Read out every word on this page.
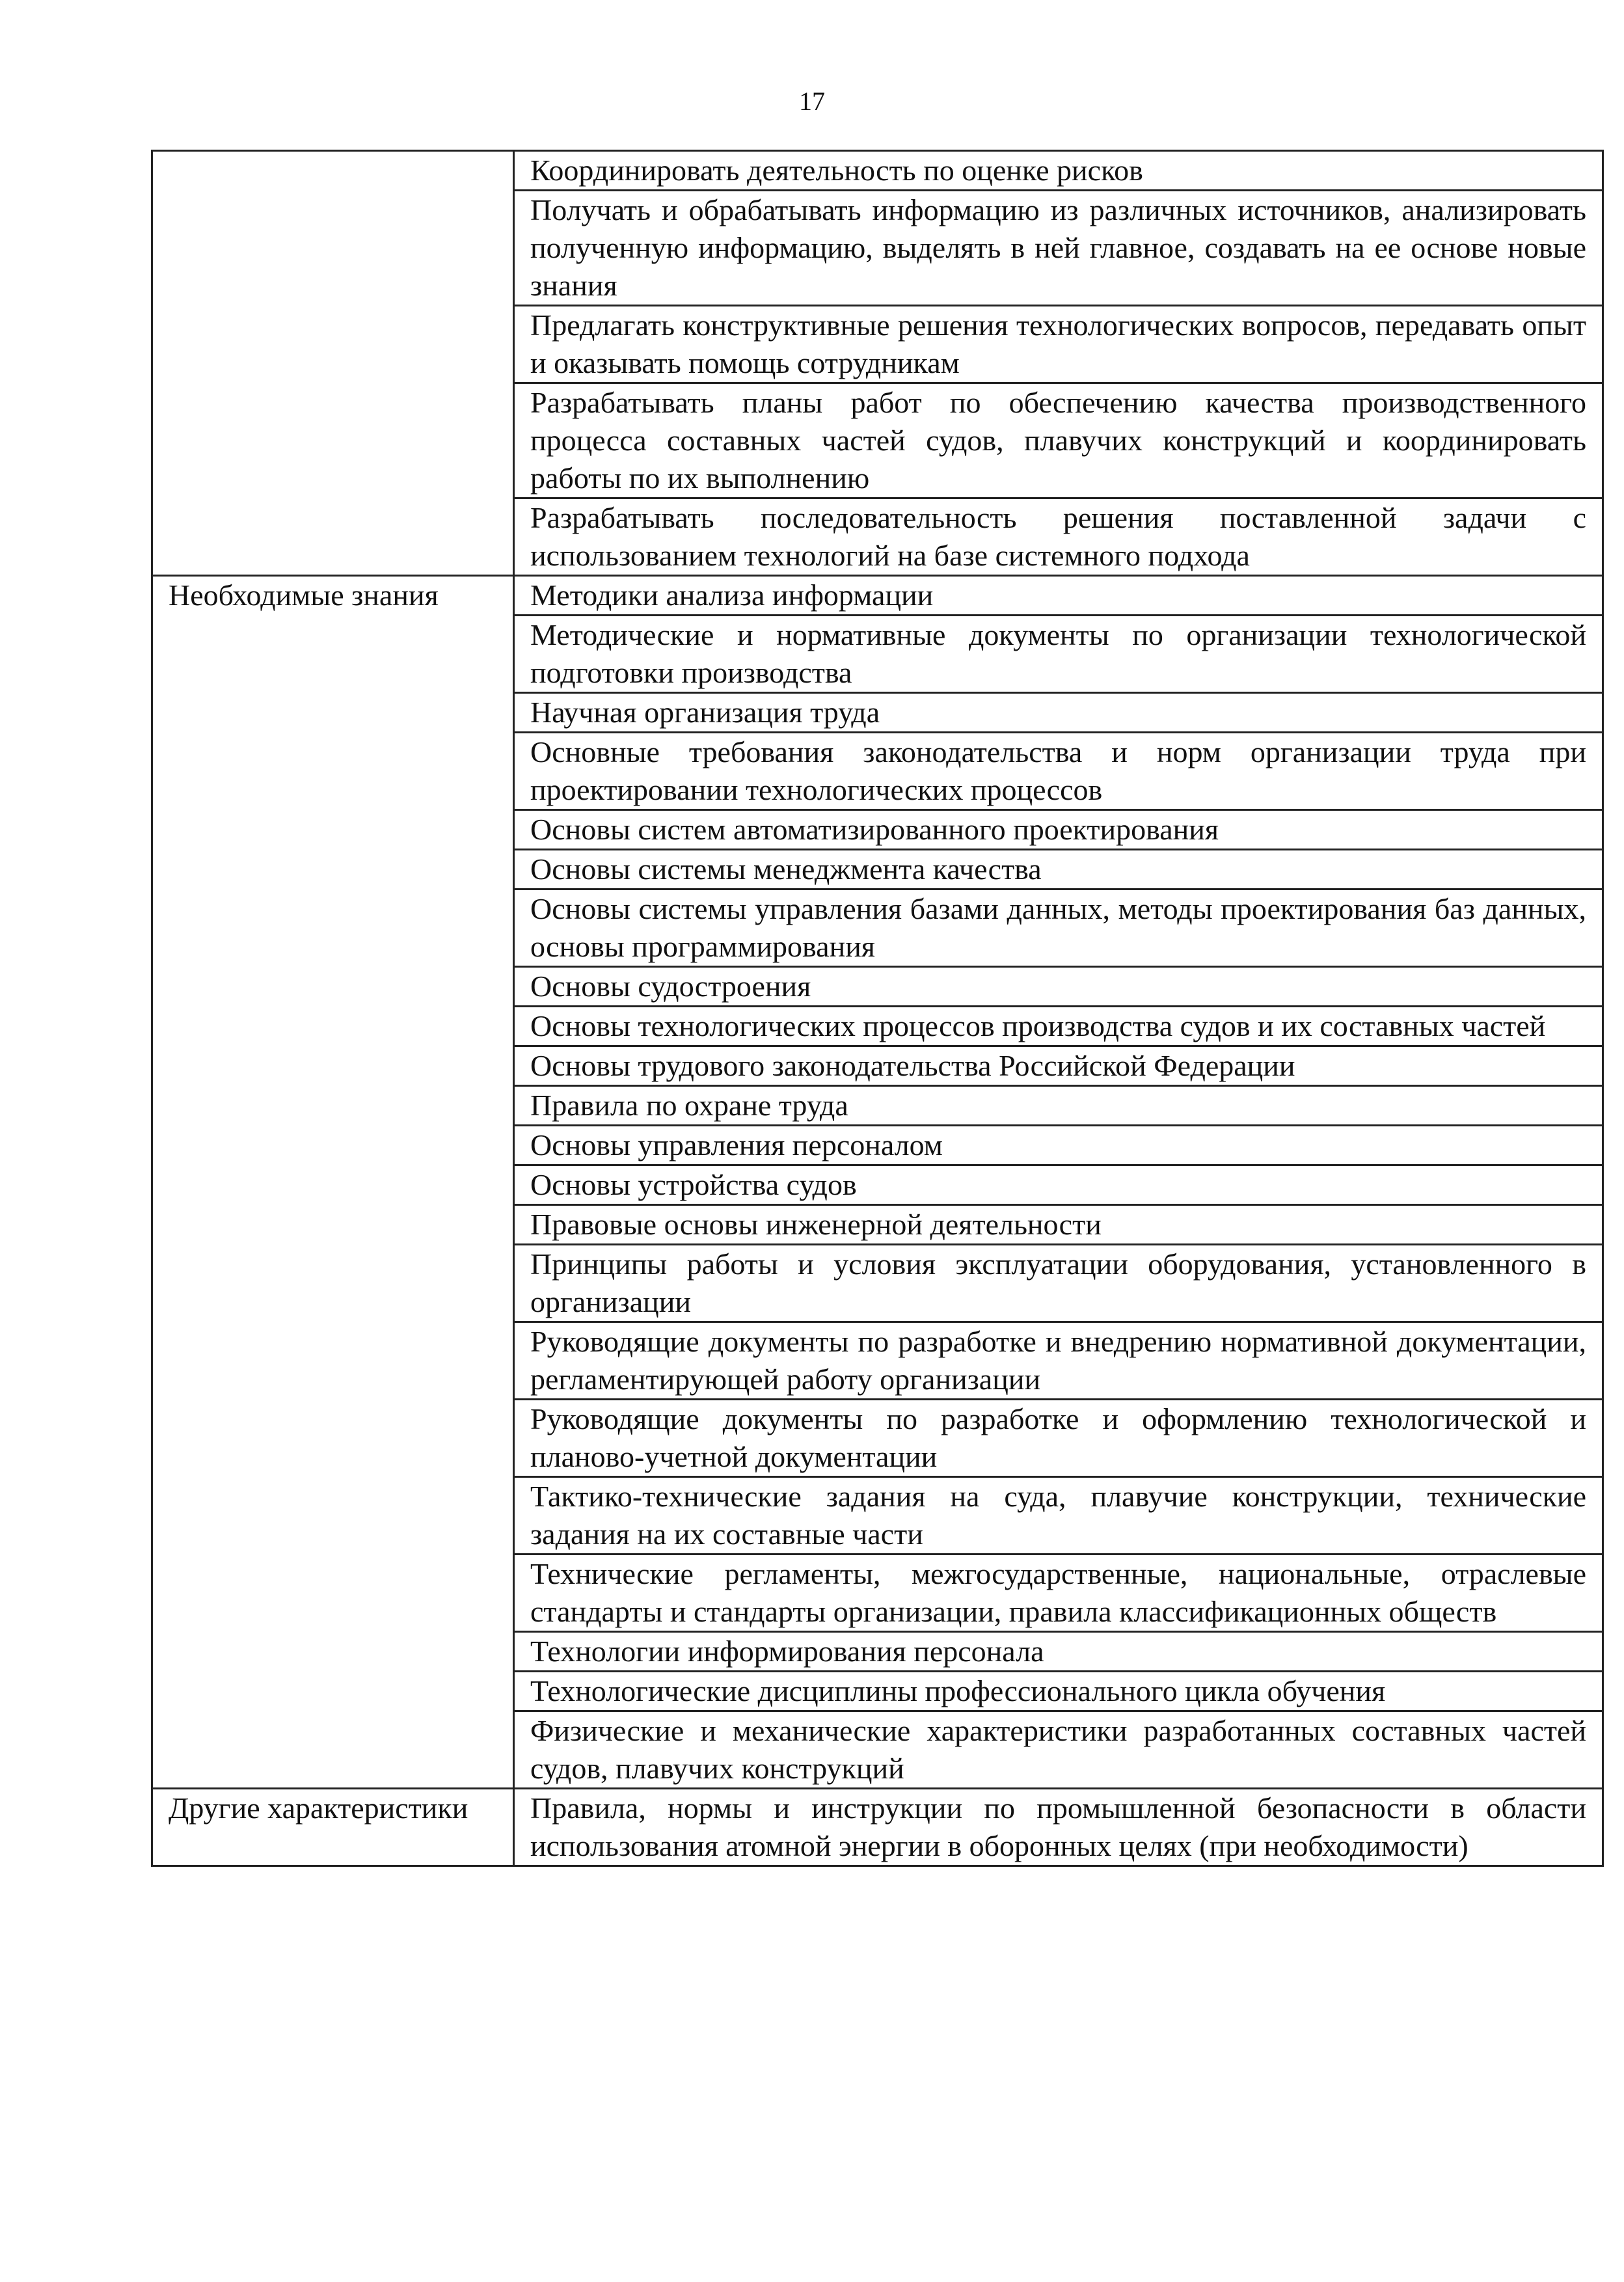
17

	Координировать деятельность по оценке рисков

	Получать и обрабатывать информацию из различных источников, анализировать полученную информацию, выделять в ней главное, создавать на ее основе новые знания

	Предлагать конструктивные решения технологических вопросов, передавать опыт и оказывать помощь сотрудникам

	Разрабатывать планы работ по обеспечению качества производственного процесса составных частей судов, плавучих конструкций и координировать работы по их выполнению

	Разрабатывать последовательность решения поставленной задачи с использованием технологий на базе системного подхода

Необходимые знания	Методики анализа информации

	Методические и нормативные документы по организации технологической подготовки производства

	Научная организация труда

	Основные требования законодательства и норм организации труда при проектировании технологических процессов

	Основы систем автоматизированного проектирования

	Основы системы менеджмента качества

	Основы системы управления базами данных, методы проектирования баз данных, основы программирования

	Основы судостроения

	Основы технологических процессов производства судов и их составных частей

	Основы трудового законодательства Российской Федерации

	Правила по охране труда

	Основы управления персоналом

	Основы устройства судов

	Правовые основы инженерной деятельности

	Принципы работы и условия эксплуатации оборудования, установленного в организации

	Руководящие документы по разработке и внедрению нормативной документации, регламентирующей работу организации

	Руководящие документы по разработке и оформлению технологической и планово-учетной документации

	Тактико-технические задания на суда, плавучие конструкции, технические задания на их составные части

	Технические регламенты, межгосударственные, национальные, отраслевые стандарты и стандарты организации, правила классификационных обществ

	Технологии информирования персонала

	Технологические дисциплины профессионального цикла обучения

	Физические и механические характеристики разработанных составных частей судов, плавучих конструкций

Другие характеристики	Правила, нормы и инструкции по промышленной безопасности в области использования атомной энергии в оборонных целях (при необходимости)
